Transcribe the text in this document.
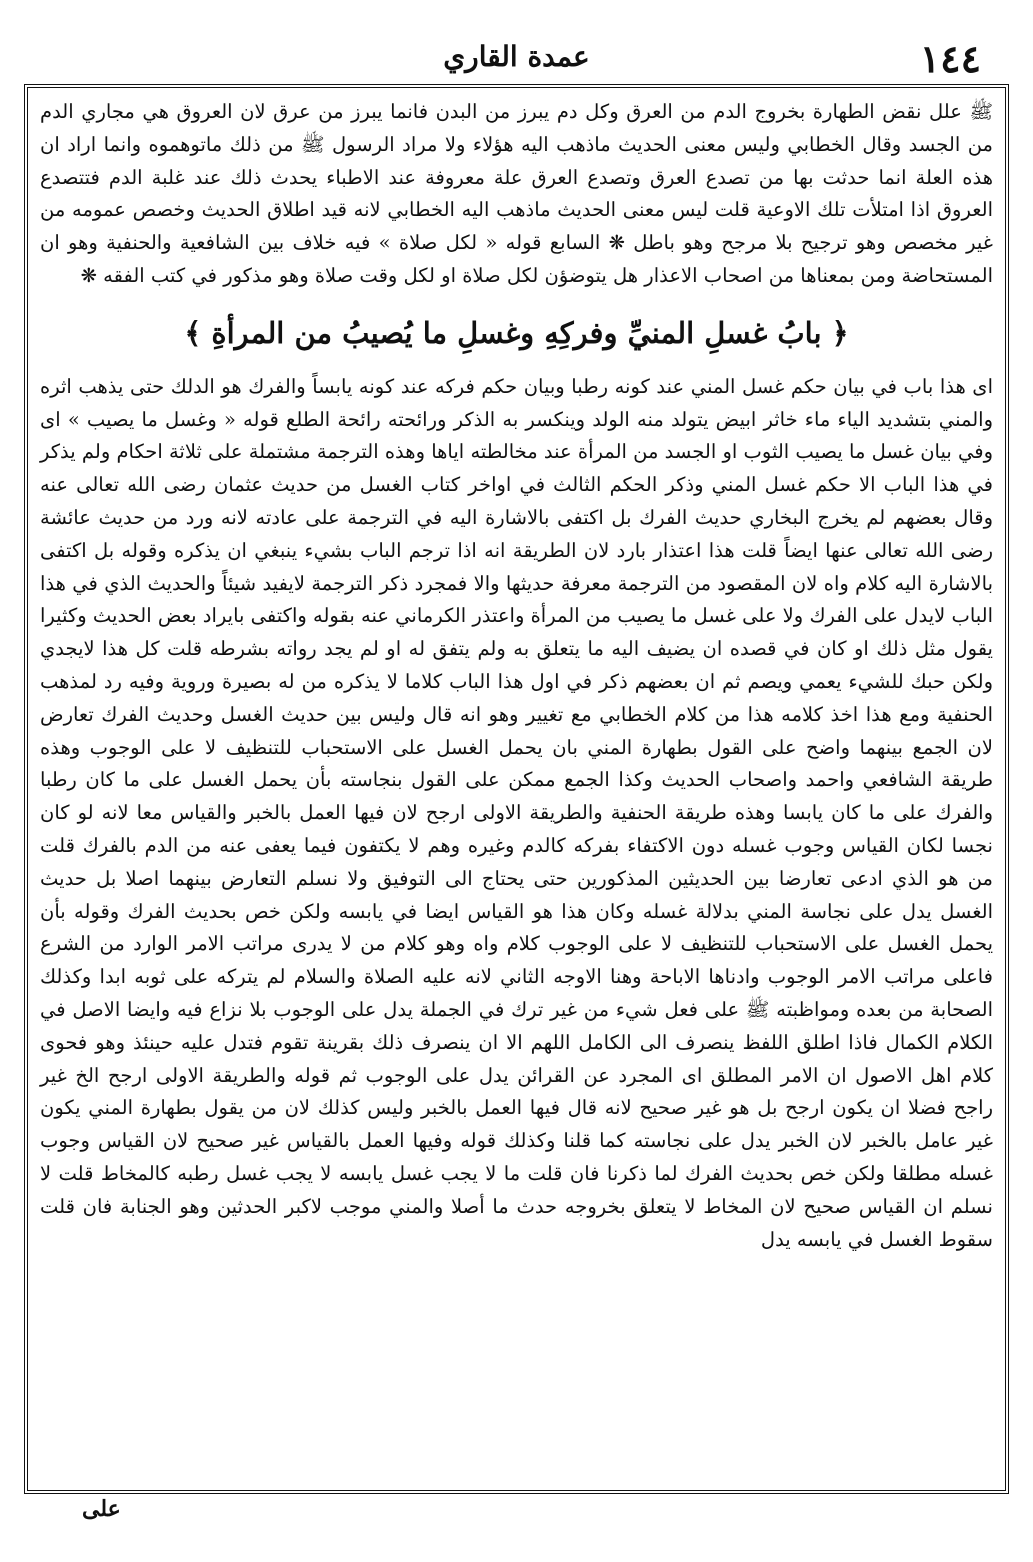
عمدة القاري	١٤٤

ﷺ علل نقض الطهارة بخروج الدم من العرق وكل دم يبرز من البدن فانما يبرز من عرق لان العروق هي مجاري الدم من الجسد وقال الخطابي وليس معنى الحديث ماذهب اليه هؤلاء ولا مراد الرسول ﷺ من ذلك ماتوهموه وانما اراد ان هذه العلة انما حدثت بها من تصدع العرق وتصدع العرق علة معروفة عند الاطباء يحدث ذلك عند غلبة الدم فتتصدع العروق اذا امتلأت تلك الاوعية قلت ليس معنى الحديث ماذهب اليه الخطابي لانه قيد اطلاق الحديث وخصص عمومه من غير مخصص وهو ترجيح بلا مرجح وهو باطل ❋ السابع قوله « لكل صلاة » فيه خلاف بين الشافعية والحنفية وهو ان المستحاضة ومن بمعناها من اصحاب الاعذار هل يتوضؤن لكل صلاة او لكل وقت صلاة وهو مذكور في كتب الفقه ❋

﴿ بابُ غسلِ المنيِّ وفركِهِ وغسلِ ما يُصيبُ من المرأةِ ﴾

اى هذا باب في بيان حكم غسل المني عند كونه رطبا وبيان حكم فركه عند كونه يابساً والفرك هو الدلك حتى يذهب اثره والمني بتشديد الياء ماء خاثر ابيض يتولد منه الولد وينكسر به الذكر ورائحته رائحة الطلع قوله « وغسل ما يصيب » اى وفي بيان غسل ما يصيب الثوب او الجسد من المرأة عند مخالطته اياها وهذه الترجمة مشتملة على ثلاثة احكام ولم يذكر في هذا الباب الا حكم غسل المني وذكر الحكم الثالث في اواخر كتاب الغسل من حديث عثمان رضى الله تعالى عنه وقال بعضهم لم يخرج البخاري حديث الفرك بل اكتفى بالاشارة اليه في الترجمة على عادته لانه ورد من حديث عائشة رضى الله تعالى عنها ايضاً قلت هذا اعتذار بارد لان الطريقة انه اذا ترجم الباب بشيء ينبغي ان يذكره وقوله بل اكتفى بالاشارة اليه كلام واه لان المقصود من الترجمة معرفة حديثها والا فمجرد ذكر الترجمة لايفيد شيئاً والحديث الذي في هذا الباب لايدل على الفرك ولا على غسل ما يصيب من المرأة واعتذر الكرماني عنه بقوله واكتفى بايراد بعض الحديث وكثيرا يقول مثل ذلك او كان في قصده ان يضيف اليه ما يتعلق به ولم يتفق له او لم يجد رواته بشرطه قلت كل هذا لايجدي ولكن حبك للشيء يعمي ويصم ثم ان بعضهم ذكر في اول هذا الباب كلاما لا يذكره من له بصيرة وروية وفيه رد لمذهب الحنفية ومع هذا اخذ كلامه هذا من كلام الخطابي مع تغيير وهو انه قال وليس بين حديث الغسل وحديث الفرك تعارض لان الجمع بينهما واضح على القول بطهارة المني بان يحمل الغسل على الاستحباب للتنظيف لا على الوجوب وهذه طريقة الشافعي واحمد واصحاب الحديث وكذا الجمع ممكن على القول بنجاسته بأن يحمل الغسل على ما كان رطبا والفرك على ما كان يابسا وهذه طريقة الحنفية والطريقة الاولى ارجح لان فيها العمل بالخبر والقياس معا لانه لو كان نجسا لكان القياس وجوب غسله دون الاكتفاء بفركه كالدم وغيره وهم لا يكتفون فيما يعفى عنه من الدم بالفرك قلت من هو الذي ادعى تعارضا بين الحديثين المذكورين حتى يحتاج الى التوفيق ولا نسلم التعارض بينهما اصلا بل حديث الغسل يدل على نجاسة المني بدلالة غسله وكان هذا هو القياس ايضا في يابسه ولكن خص بحديث الفرك وقوله بأن يحمل الغسل على الاستحباب للتنظيف لا على الوجوب كلام واه وهو كلام من لا يدرى مراتب الامر الوارد من الشرع فاعلى مراتب الامر الوجوب وادناها الاباحة وهنا الاوجه الثاني لانه عليه الصلاة والسلام لم يتركه على ثوبه ابدا وكذلك الصحابة من بعده ومواظبته ﷺ على فعل شيء من غير ترك في الجملة يدل على الوجوب بلا نزاع فيه وايضا الاصل في الكلام الكمال فاذا اطلق اللفظ ينصرف الى الكامل اللهم الا ان ينصرف ذلك بقرينة تقوم فتدل عليه حينئذ وهو فحوى كلام اهل الاصول ان الامر المطلق اى المجرد عن القرائن يدل على الوجوب ثم قوله والطريقة الاولى ارجح الخ غير راجح فضلا ان يكون ارجح بل هو غير صحيح لانه قال فيها العمل بالخبر وليس كذلك لان من يقول بطهارة المني يكون غير عامل بالخبر لان الخبر يدل على نجاسته كما قلنا وكذلك قوله وفيها العمل بالقياس غير صحيح لان القياس وجوب غسله مطلقا ولكن خص بحديث الفرك لما ذكرنا فان قلت ما لا يجب غسل يابسه لا يجب غسل رطبه كالمخاط قلت لا نسلم ان القياس صحيح لان المخاط لا يتعلق بخروجه حدث ما أصلا والمني موجب لاكبر الحدثين وهو الجنابة فان قلت سقوط الغسل في يابسه يدل

على
